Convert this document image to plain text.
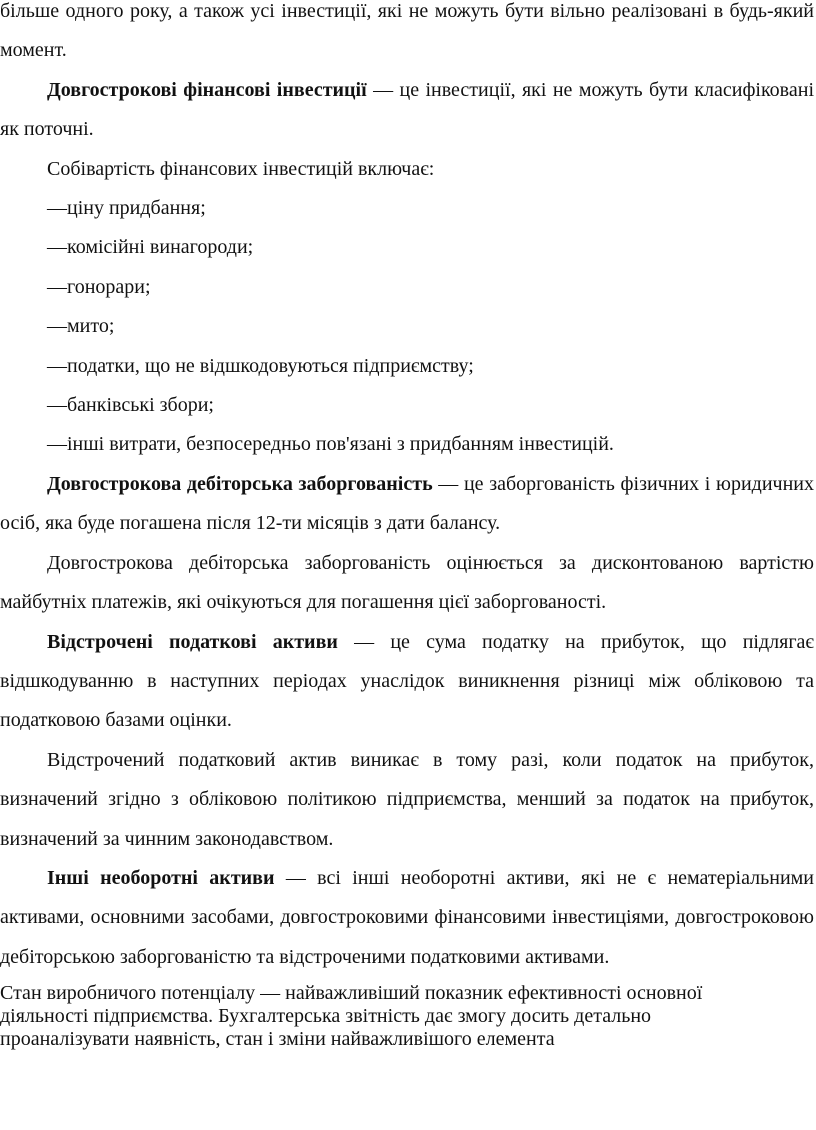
більше одного року, а також усі інвестиції, які не можуть бути вільно реалізовані в будь-який момент.

Довгострокові фінансові інвестиції — це інвестиції, які не можуть бути класифіковані як поточні.

Собівартість фінансових інвестицій включає:

—ціну придбання;

—комісійні винагороди;

—гонорари;

—мито;

—податки, що не відшкодовуються підприємству;

—банківські збори;

—інші витрати, безпосередньо пов'язані з придбанням інвестицій.

Довгострокова дебіторська заборгованість — це заборгованість фізичних і юридичних осіб, яка буде погашена після 12-ти місяців з дати балансу.

Довгострокова дебіторська заборгованість оцінюється за дисконтованою вартістю майбутніх платежів, які очікуються для погашення цієї заборгованості.

Відстрочені податкові активи — це сума податку на прибуток, що підлягає відшкодуванню в наступних періодах унаслідок виникнення різниці між обліковою та податковою базами оцінки.

Відстрочений податковий актив виникає в тому разі, коли податок на прибуток, визначений згідно з обліковою політикою підприємства, менший за податок на прибуток, визначений за чинним законодавством.

Інші необоротні активи — всі інші необоротні активи, які не є нематеріальними активами, основними засобами, довгостроковими фінансовими інвестиціями, довгостроковою дебіторською заборгованістю та відстроченими податковими активами.

Стан виробничого потенціалу — найважливіший показник ефективності основної діяльності підприємства. Бухгалтерська звітність дає змогу досить детально проаналізувати наявність, стан і зміни найважливішого елемента
